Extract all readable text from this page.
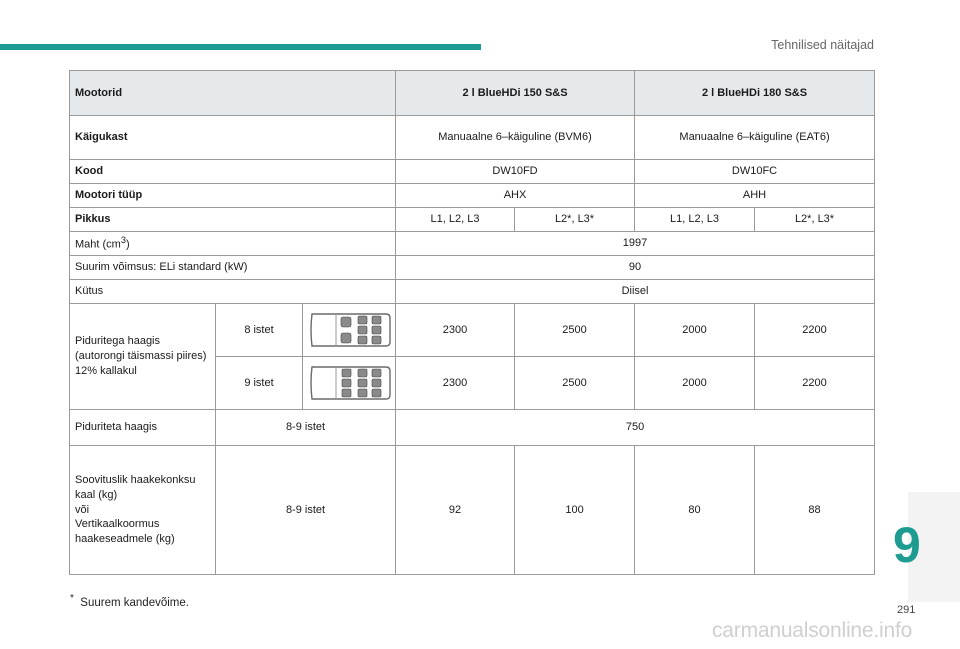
Tehnilised näitajad
Mootorid			2 l BlueHDi 150 S&S		2 l BlueHDi 180 S&S	
Käigukast			Manuaalne 6–käiguline (BVM6)		Manuaalne 6–käiguline (EAT6)	
Kood			DW10FD		DW10FC	
Mootori tüüp			AHX		AHH	
Pikkus			L1, L2, L3	L2*, L3*	L1, L2, L3	L2*, L3*
Maht $(cm^3)$			1997			
Suurim võimsus: ELi standard (kW)			90			
Kütus			Diisel			
Piduritega haagis (autorongi täismassi piires) 12% kallakul	8 istet		2300	2500	2000	2200
	9 istet		2300	2500	2000	2200
Piduriteta haagis	8-9 istet		750			
Soovituslik haakekonksu
kaal (kg)
või
Vertikaalkoormus
haakeseadmele (kg)	8-9 istet		92	100	80	88
* Suurem kandevõime.
9
291
carmanualsonline.info
